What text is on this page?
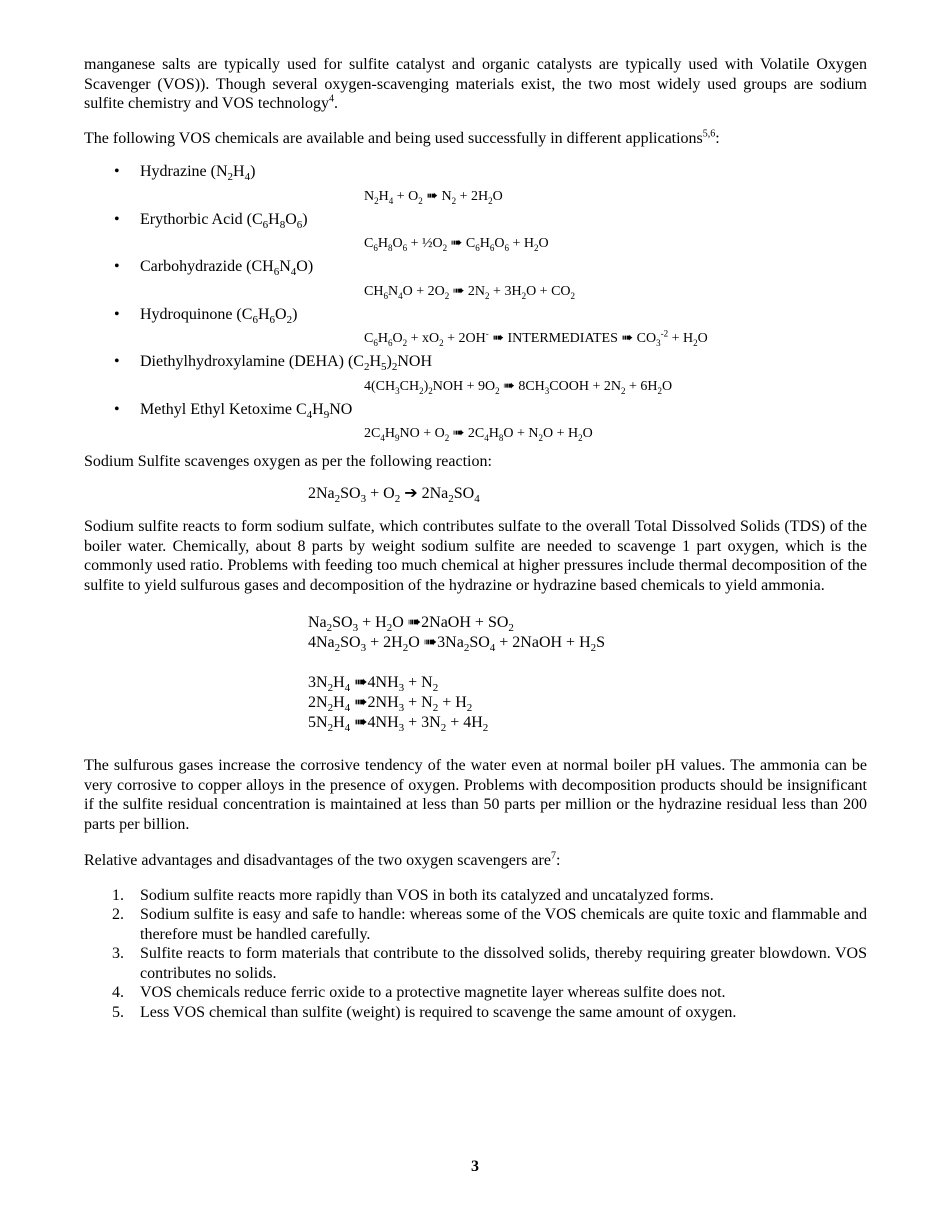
manganese salts are typically used for sulfite catalyst and organic catalysts are typically used with Volatile Oxygen Scavenger (VOS)). Though several oxygen-scavenging materials exist, the two most widely used groups are sodium sulfite chemistry and VOS technology$^4$.

The following VOS chemicals are available and being used successfully in different applications$^{5,6}$:

• Hydrazine $(N_2H_4)$
$N_2H_4 + O_2$ ➠ $N_2 + 2H_2O$
• Erythorbic Acid $(C_6H_8O_6)$
$C_6H_8O_6$ + $\frac{1}{2}O_2$ ➠ $C_6H_6O_6 + H_2O$
• Carbohydrazide $(CH_6N_4O)$
$CH_6N_4O + 2O_2$ ➠ $2N_2 + 3H_2O + CO_2$
• Hydroquinone $(C_6H_6O_2)$
$C_6H_6O_2 + xO_2 + 2OH^-$ ➠ INTERMEDIATES ➠ $CO_3^{-2} + H_2O$
• Diethylhydroxylamine (DEHA) $(C_2H_5)_2NOH$
$4(CH_3CH_2)_2NOH + 9O_2$ ➠ $8CH_3COOH + 2N_2 + 6H_2O$
• Methyl Ethyl Ketoxime $C_4H_9NO$
$2C_4H_9NO + O_2$ ➠ $2C_4H_8O + N_2O + H_2O$

Sodium Sulfite scavenges oxygen as per the following reaction:

$2Na_2SO_3 + O_2$ ➔ $2Na_2SO_4$

Sodium sulfite reacts to form sodium sulfate, which contributes sulfate to the overall Total Dissolved Solids (TDS) of the boiler water. Chemically, about 8 parts by weight sodium sulfite are needed to scavenge 1 part oxygen, which is the commonly used ratio. Problems with feeding too much chemical at higher pressures include thermal decomposition of the sulfite to yield sulfurous gases and decomposition of the hydrazine or hydrazine based chemicals to yield ammonia.

$Na_2SO_3 + H_2O$ ➠2NaOH + $SO_2$
$4Na_2SO_3 + 2H_2O$ $➠3Na_2SO_4$ + 2NaOH + $H_2S$
$3N_2H_4$ $➠4NH_3 + N_2$
$2N_2H_4$ $➠2NH_3 + N_2 + H_2$
$5N_2H_4$ $➠4NH_3 + 3N_2 + 4H_2$

The sulfurous gases increase the corrosive tendency of the water even at normal boiler pH values. The ammonia can be very corrosive to copper alloys in the presence of oxygen. Problems with decomposition products should be insignificant if the sulfite residual concentration is maintained at less than 50 parts per million or the hydrazine residual less than 200 parts per billion.

Relative advantages and disadvantages of the two oxygen scavengers are$^7$:

1. Sodium sulfite reacts more rapidly than VOS in both its catalyzed and uncatalyzed forms.
2. Sodium sulfite is easy and safe to handle: whereas some of the VOS chemicals are quite toxic and flammable and therefore must be handled carefully.
3. Sulfite reacts to form materials that contribute to the dissolved solids, thereby requiring greater blowdown. VOS contributes no solids.
4. VOS chemicals reduce ferric oxide to a protective magnetite layer whereas sulfite does not.
5. Less VOS chemical than sulfite (weight) is required to scavenge the same amount of oxygen.
3
